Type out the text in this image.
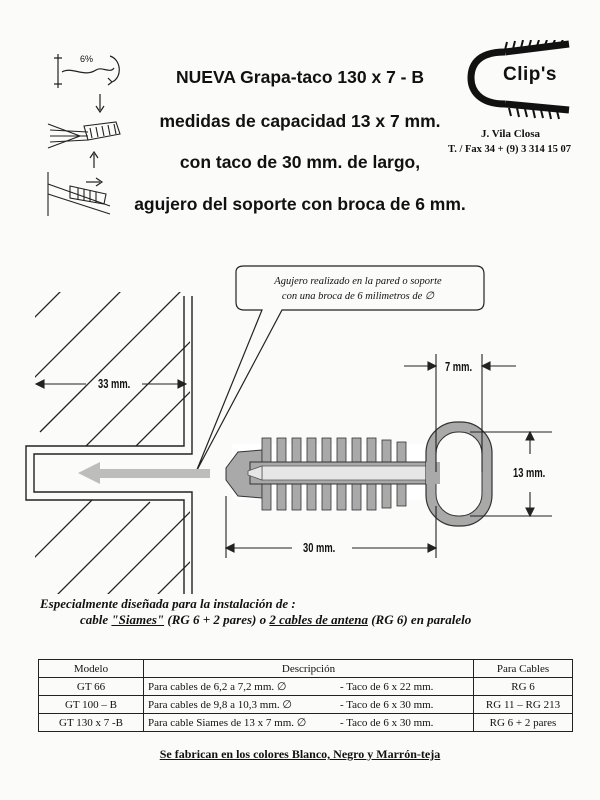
6%
NUEVA Grapa-taco 130 x 7 - B
medidas de capacidad 13 x 7 mm.
con taco de 30 mm. de largo,
agujero del soporte con broca de 6 mm.
Clip's
J. Vila Closa
T. / Fax 34 + (9) 3 314 15 07
Agujero realizado en la pared o soporte
con una broca de 6 milimetros de ∅
33 mm.
7 mm.
13 mm.
30 mm.
Especialmente diseñada para la instalación de :
cable "Siames" (RG 6 + 2 pares) o 2 cables de antena (RG 6) en paralelo
Modelo	Descripción	Para Cables
GT 66	Para cables de 6,2 a 7,2 mm. ∅ - Taco de 6 x 22 mm.	RG 6
GT 100 – B	Para cables de 9,8 a 10,3 mm. ∅ - Taco de 6 x 30 mm.	RG 11 – RG 213
GT 130 x 7 -B	Para cable Siames de 13 x 7 mm. ∅ - Taco de 6 x 30 mm.	RG 6 + 2 pares
Se fabrican en los colores Blanco, Negro y Marrón-teja
